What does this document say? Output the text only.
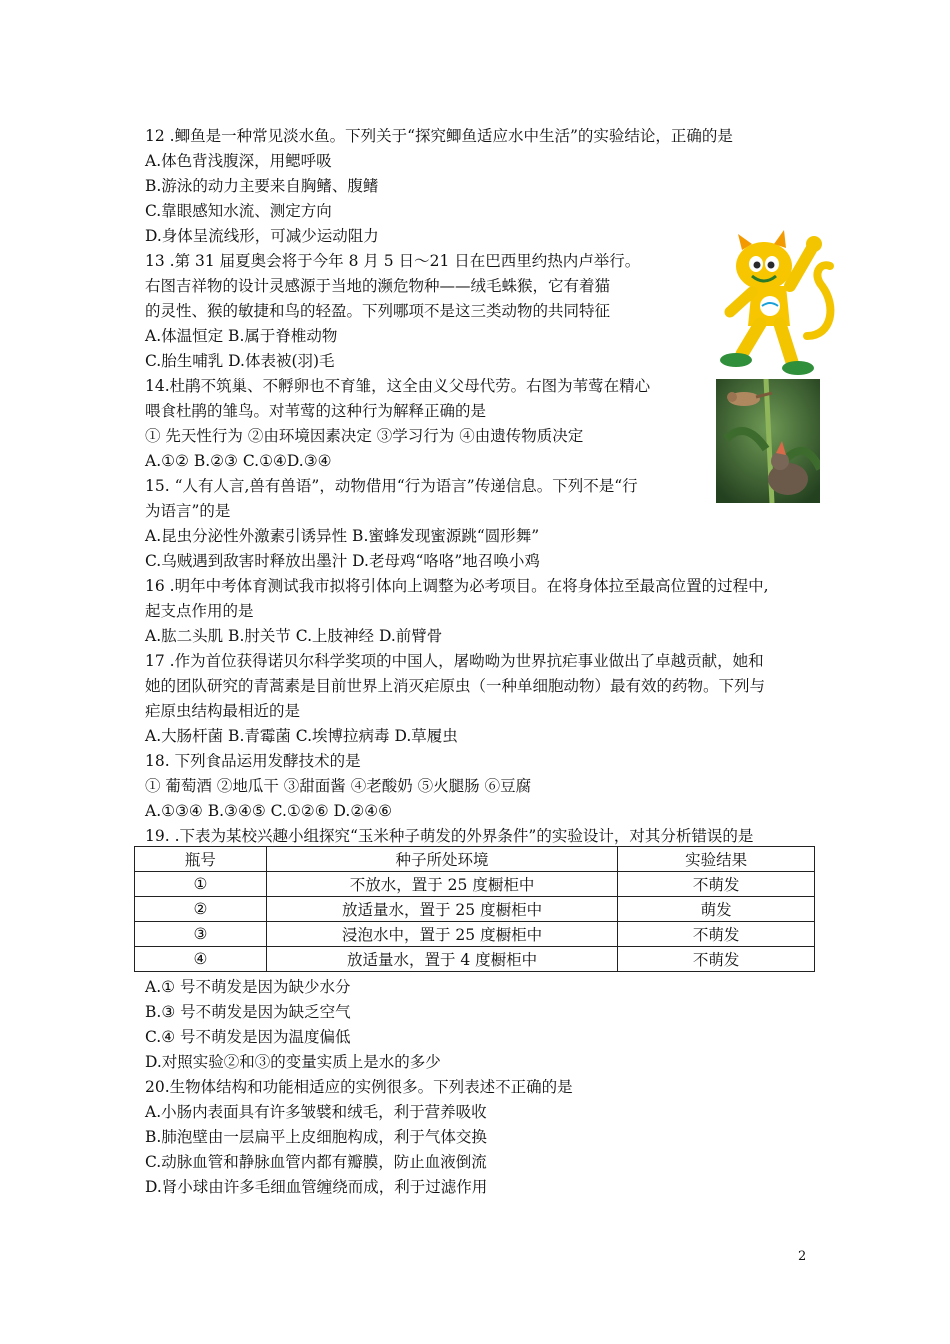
12 .鲫鱼是一种常见淡水鱼。下列关于“探究鲫鱼适应水中生活”的实验结论，正确的是
A.体色背浅腹深，用鳃呼吸
B.游泳的动力主要来自胸鳍、腹鳍
C.靠眼感知水流、测定方向
D.身体呈流线形，可减少运动阻力
13 .第 31 届夏奥会将于今年 8 月 5 日～21 日在巴西里约热内卢举行。
右图吉祥物的设计灵感源于当地的濒危物种——绒毛蛛猴，它有着猫
的灵性、猴的敏捷和鸟的轻盈。下列哪项不是这三类动物的共同特征
A.体温恒定 B.属于脊椎动物
C.胎生哺乳 D.体表被(羽)毛
14.杜鹃不筑巢、不孵卵也不育雏，这全由义父母代劳。右图为苇莺在精心
喂食杜鹃的雏鸟。对苇莺的这种行为解释正确的是
① 先天性行为 ②由环境因素决定 ③学习行为 ④由遗传物质决定
A.①② B.②③ C.①④D.③④
15. “人有人言,兽有兽语”，动物借用“行为语言”传递信息。下列不是“行
为语言”的是
A.昆虫分泌性外激素引诱异性 B.蜜蜂发现蜜源跳“圆形舞”
C.乌贼遇到敌害时释放出墨汁 D.老母鸡“咯咯”地召唤小鸡
16 .明年中考体育测试我市拟将引体向上调整为必考项目。在将身体拉至最高位置的过程中,
起支点作用的是
A.肱二头肌 B.肘关节 C.上肢神经 D.前臂骨
17 .作为首位获得诺贝尔科学奖项的中国人，屠呦呦为世界抗疟事业做出了卓越贡献，她和
她的团队研究的青蒿素是目前世界上消灭疟原虫（一种单细胞动物）最有效的药物。下列与
疟原虫结构最相近的是
A.大肠杆菌 B.青霉菌 C.埃博拉病毒 D.草履虫
18. 下列食品运用发酵技术的是
① 葡萄酒 ②地瓜干 ③甜面酱 ④老酸奶 ⑤火腿肠 ⑥豆腐
A.①③④ B.③④⑤ C.①②⑥ D.②④⑥
19. .下表为某校兴趣小组探究“玉米种子萌发的外界条件”的实验设计，对其分析错误的是
瓶号	种子所处环境	实验结果
①	不放水，置于 25 度橱柜中	不萌发
②	放适量水，置于 25 度橱柜中	萌发
③	浸泡水中，置于 25 度橱柜中	不萌发
④	放适量水，置于 4 度橱柜中	不萌发
A.① 号不萌发是因为缺少水分
B.③ 号不萌发是因为缺乏空气
C.④ 号不萌发是因为温度偏低
D.对照实验②和③的变量实质上是水的多少
20.生物体结构和功能相适应的实例很多。下列表述不正确的是
A.小肠内表面具有许多皱襞和绒毛，利于营养吸收
B.肺泡壁由一层扁平上皮细胞构成，利于气体交换
C.动脉血管和静脉血管内都有瓣膜，防止血液倒流
D.肾小球由许多毛细血管缠绕而成，利于过滤作用
2
